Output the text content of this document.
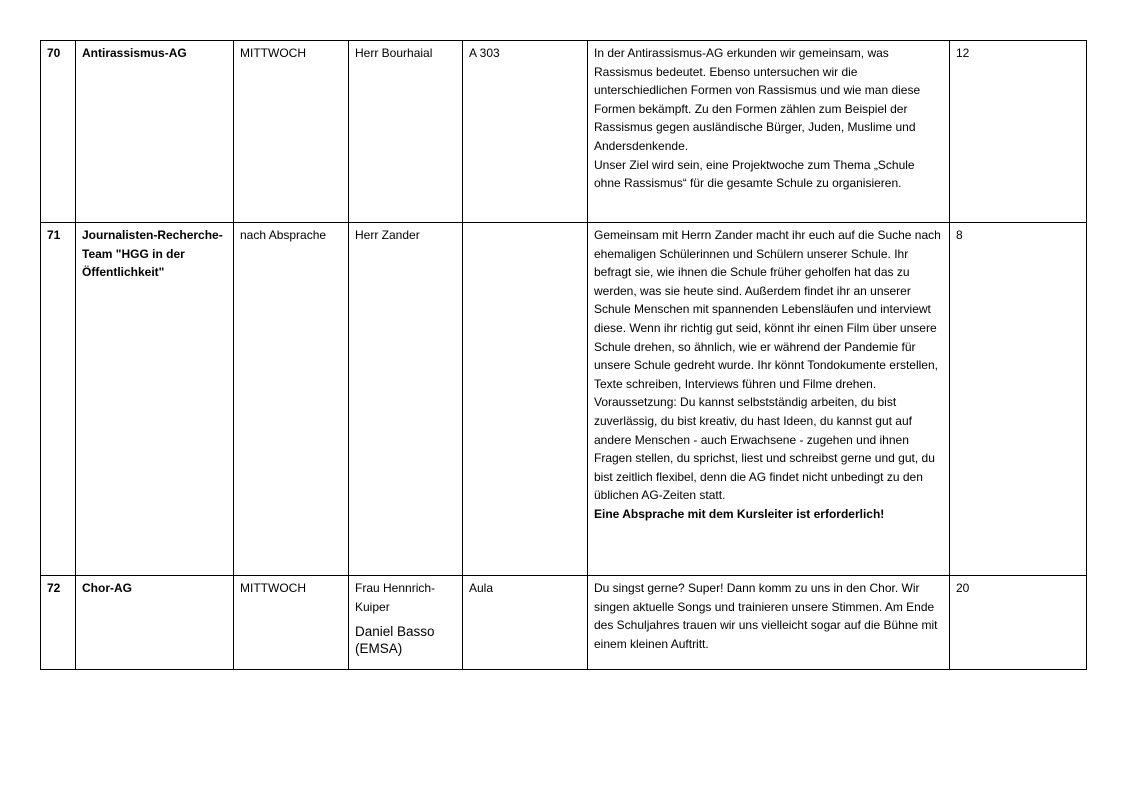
70	Antirassismus-AG	MITTWOCH	Herr Bourhaial	A 303	In der Antirassismus-AG erkunden wir gemeinsam, was Rassismus bedeutet. Ebenso untersuchen wir die unterschiedlichen Formen von Rassismus und wie man diese Formen bekämpft. Zu den Formen zählen zum Beispiel der Rassismus gegen ausländische Bürger, Juden, Muslime und Andersdenkende.

Unser Ziel wird sein, eine Projektwoche zum Thema „Schule ohne Rassismus“ für die gesamte Schule zu organisieren.	12
71	Journalisten-Recherche-Team "HGG in der Öffentlichkeit"	nach Absprache	Herr Zander		Gemeinsam mit Herrn Zander macht ihr euch auf die Suche nach ehemaligen Schülerinnen und Schülern unserer Schule. Ihr befragt sie, wie ihnen die Schule früher geholfen hat das zu werden, was sie heute sind. Außerdem findet ihr an unserer Schule Menschen mit spannenden Lebensläufen und interviewt diese. Wenn ihr richtig gut seid, könnt ihr einen Film über unsere Schule drehen, so ähnlich, wie er während der Pandemie für unsere Schule gedreht wurde. Ihr könnt Tondokumente erstellen, Texte schreiben, Interviews führen und Filme drehen. Voraussetzung: Du kannst selbstständig arbeiten, du bist zuverlässig, du bist kreativ, du hast Ideen, du kannst gut auf andere Menschen - auch Erwachsene - zugehen und ihnen Fragen stellen, du sprichst, liest und schreibst gerne und gut, du bist zeitlich flexibel, denn die AG findet nicht unbedingt zu den üblichen AG-Zeiten statt.

Eine Absprache mit dem Kursleiter ist erforderlich!	8
72	Chor-AG	MITTWOCH	Frau Hennrich-Kuiper
Daniel Basso (EMSA)	Aula	Du singst gerne? Super! Dann komm zu uns in den Chor. Wir singen aktuelle Songs und trainieren unsere Stimmen. Am Ende des Schuljahres trauen wir uns vielleicht sogar auf die Bühne mit einem kleinen Auftritt.	20
